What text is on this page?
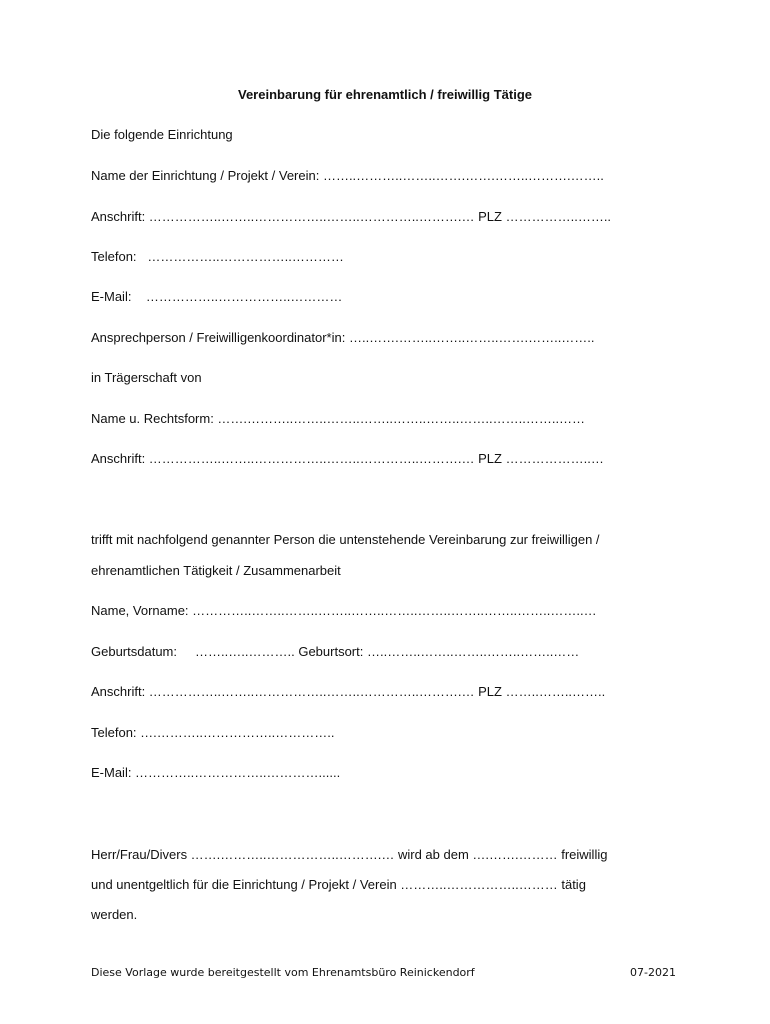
Vereinbarung für ehrenamtlich / freiwillig Tätige
Die folgende Einrichtung
Name der Einrichtung / Projekt / Verein: ……..………..……..…….…….……..……….……..
Anschrift: ……………..……..……………..……..…………..……….… PLZ ……………..……..
Telefon:   ……………..……………..…………
E-Mail:    ……………..……………..…………
Ansprechperson / Freiwilligenkoordinator*in: …..…….……..……..……..…….……..……..
in Trägerschaft von
Name u. Rechtsform: …….………..……..……..……..……..……..……..……..……..……
Anschrift: ……………..……..……………..……..…………..……….… PLZ ………………..…
trifft mit nachfolgend genannter Person die untenstehende Vereinbarung zur freiwilligen /
ehrenamtlichen Tätigkeit / Zusammenarbeit
Name, Vorname: …………..……..……..……..……..……..……..……..……..……..……..…
Geburtsdatum:     ……..…..……….. Geburtsort: …..……..……..……..……..……..……
Anschrift: ……………..……..……………..……..…………..……….… PLZ ……..……..……..
Telefon: ….………..……………..…………..
E-Mail: …………..……………..…………......
Herr/Frau/Divers …….………..……………..……….… wird ab dem ….…….……… freiwillig
und unentgeltlich für die Einrichtung / Projekt / Verein ………..……………..……… tätig
werden.
Diese Vorlage wurde bereitgestellt vom Ehrenamtsbüro Reinickendorf	07-2021
